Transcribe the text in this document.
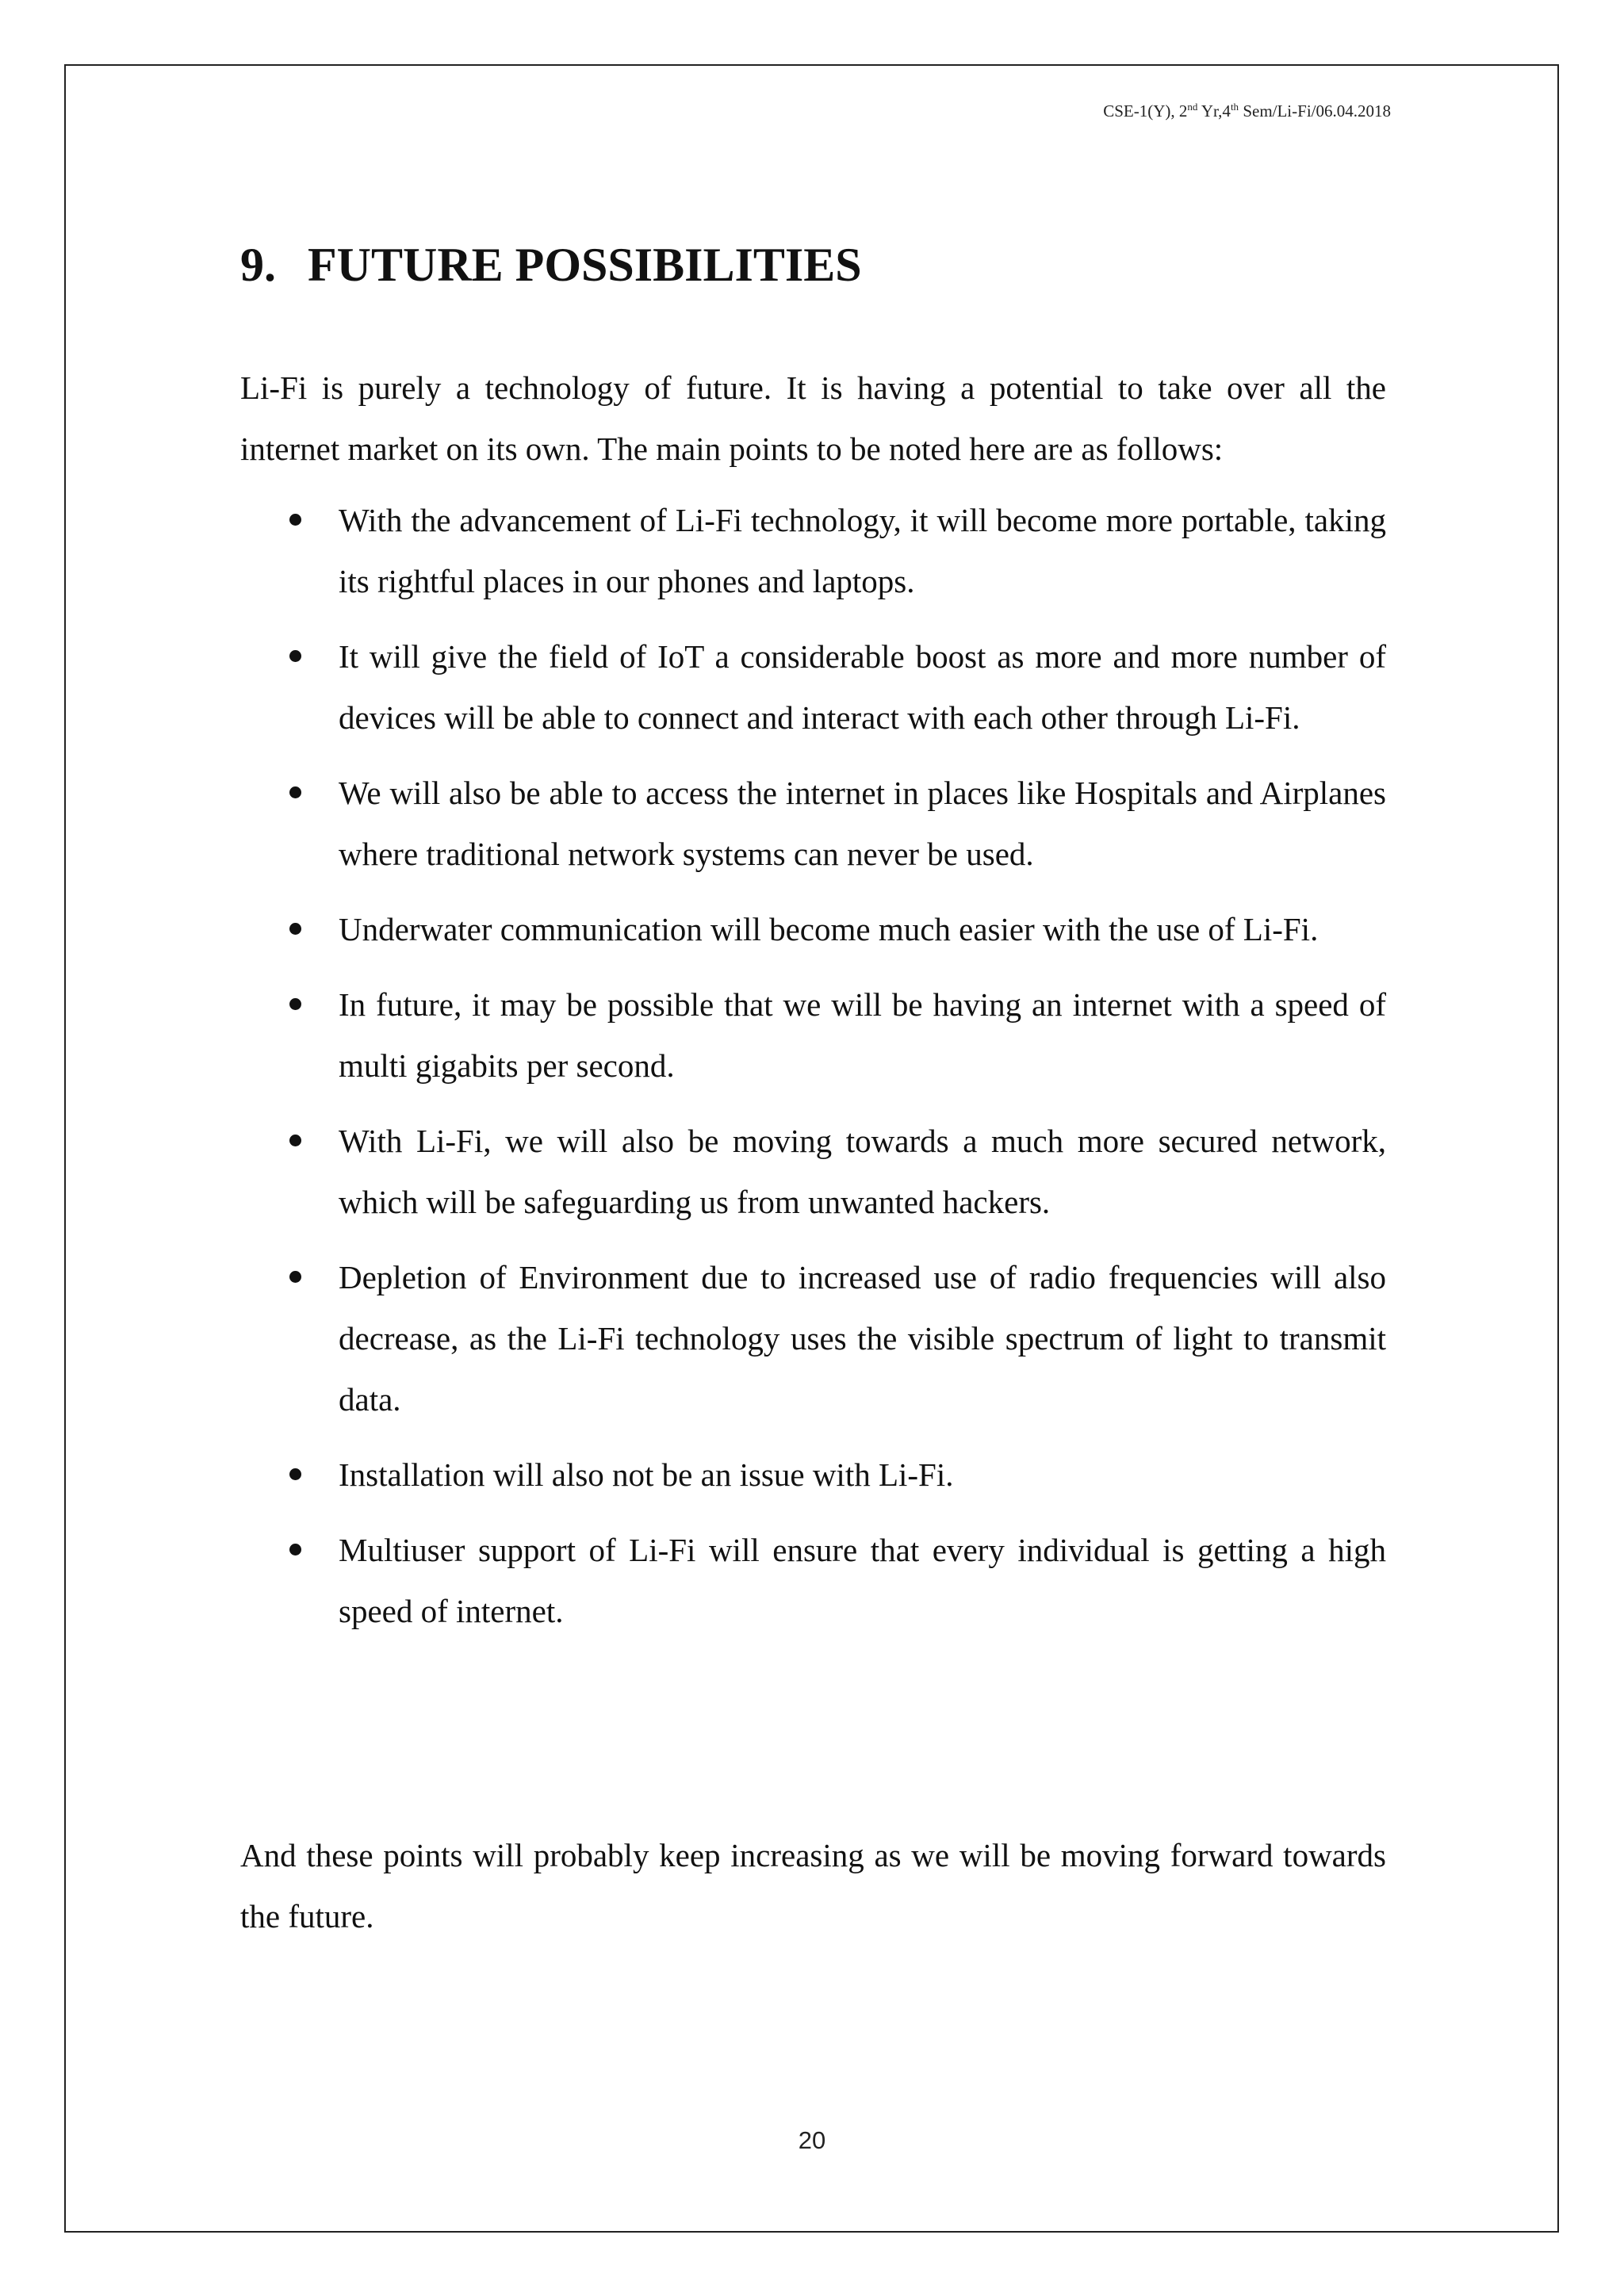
CSE-1(Y), 2nd Yr,4th Sem/Li-Fi/06.04.2018
9. FUTURE POSSIBILITIES

Li-Fi is purely a technology of future. It is having a potential to take over all the internet market on its own. The main points to be noted here are as follows:

With the advancement of Li-Fi technology, it will become more portable, taking its rightful places in our phones and laptops.
It will give the field of IoT a considerable boost as more and more number of devices will be able to connect and interact with each other through Li-Fi.
We will also be able to access the internet in places like Hospitals and Airplanes where traditional network systems can never be used.
Underwater communication will become much easier with the use of Li-Fi.
In future, it may be possible that we will be having an internet with a speed of multi gigabits per second.
With Li-Fi, we will also be moving towards a much more secured network, which will be safeguarding us from unwanted hackers.
Depletion of Environment due to increased use of radio frequencies will also decrease, as the Li-Fi technology uses the visible spectrum of light to transmit data.
Installation will also not be an issue with Li-Fi.
Multiuser support of Li-Fi will ensure that every individual is getting a high speed of internet.

And these points will probably keep increasing as we will be moving forward towards the future.

20
